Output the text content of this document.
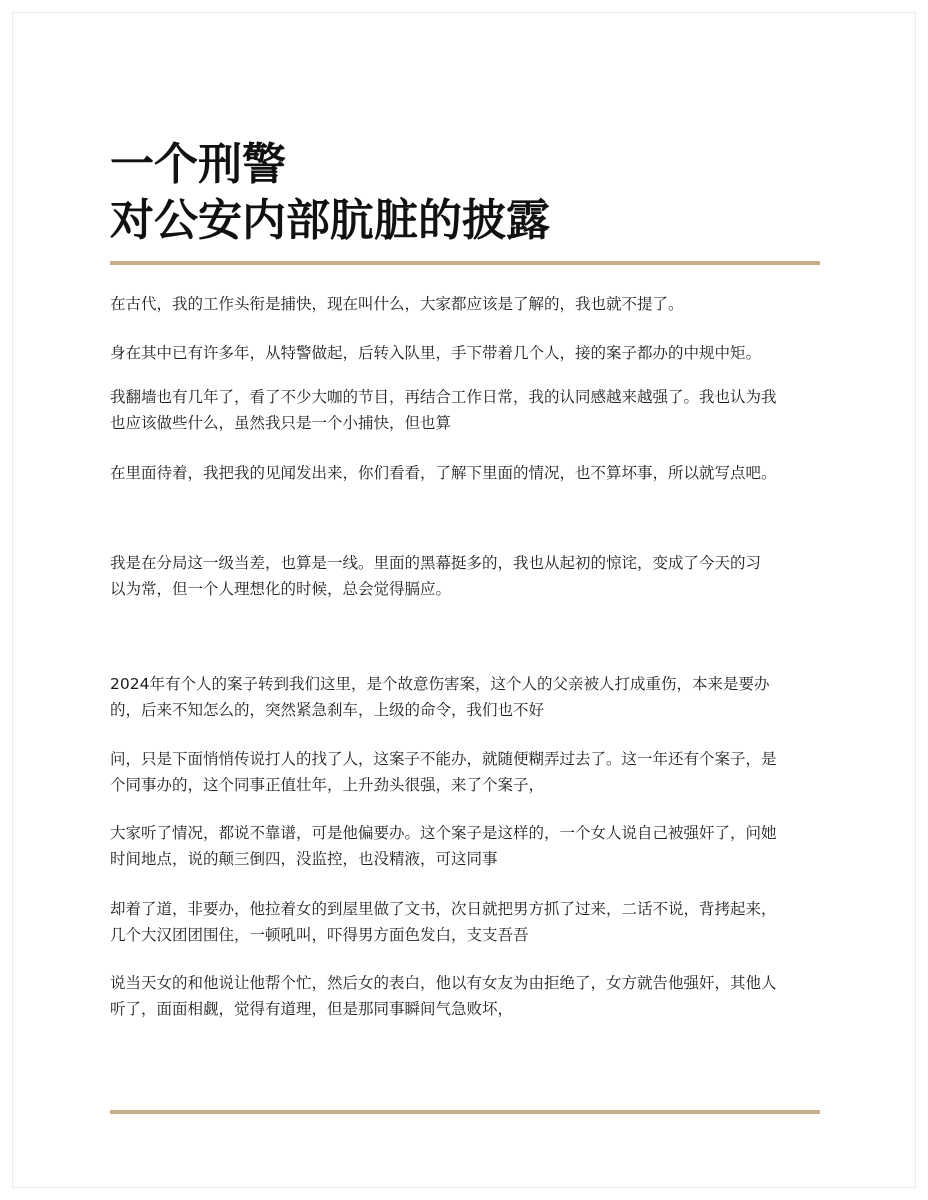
一个刑警
对公安内部肮脏的披露
在古代，我的工作头衔是捕快，现在叫什么，大家都应该是了解的，我也就不提了。
身在其中已有许多年，从特警做起，后转入队里，手下带着几个人，接的案子都办的中规中矩。
我翻墙也有几年了，看了不少大咖的节目，再结合工作日常，我的认同感越来越强了。我也认为我
也应该做些什么，虽然我只是一个小捕快，但也算
在里面待着，我把我的见闻发出来，你们看看，了解下里面的情况，也不算坏事，所以就写点吧。
我是在分局这一级当差，也算是一线。里面的黑幕挺多的，我也从起初的惊诧，变成了今天的习
以为常，但一个人理想化的时候，总会觉得膈应。
2024年有个人的案子转到我们这里，是个故意伤害案，这个人的父亲被人打成重伤，本来是要办
的，后来不知怎么的，突然紧急刹车，上级的命令，我们也不好
问，只是下面悄悄传说打人的找了人，这案子不能办，就随便糊弄过去了。这一年还有个案子，是
个同事办的，这个同事正值壮年，上升劲头很强，来了个案子，
大家听了情况，都说不靠谱，可是他偏要办。这个案子是这样的，一个女人说自己被强奸了，问她
时间地点，说的颠三倒四，没监控，也没精液，可这同事
却着了道，非要办，他拉着女的到屋里做了文书，次日就把男方抓了过来，二话不说，背拷起来，
几个大汉团团围住，一顿吼叫，吓得男方面色发白，支支吾吾
说当天女的和他说让他帮个忙，然后女的表白，他以有女友为由拒绝了，女方就告他强奸，其他人
听了，面面相觑，觉得有道理，但是那同事瞬间气急败坏，
